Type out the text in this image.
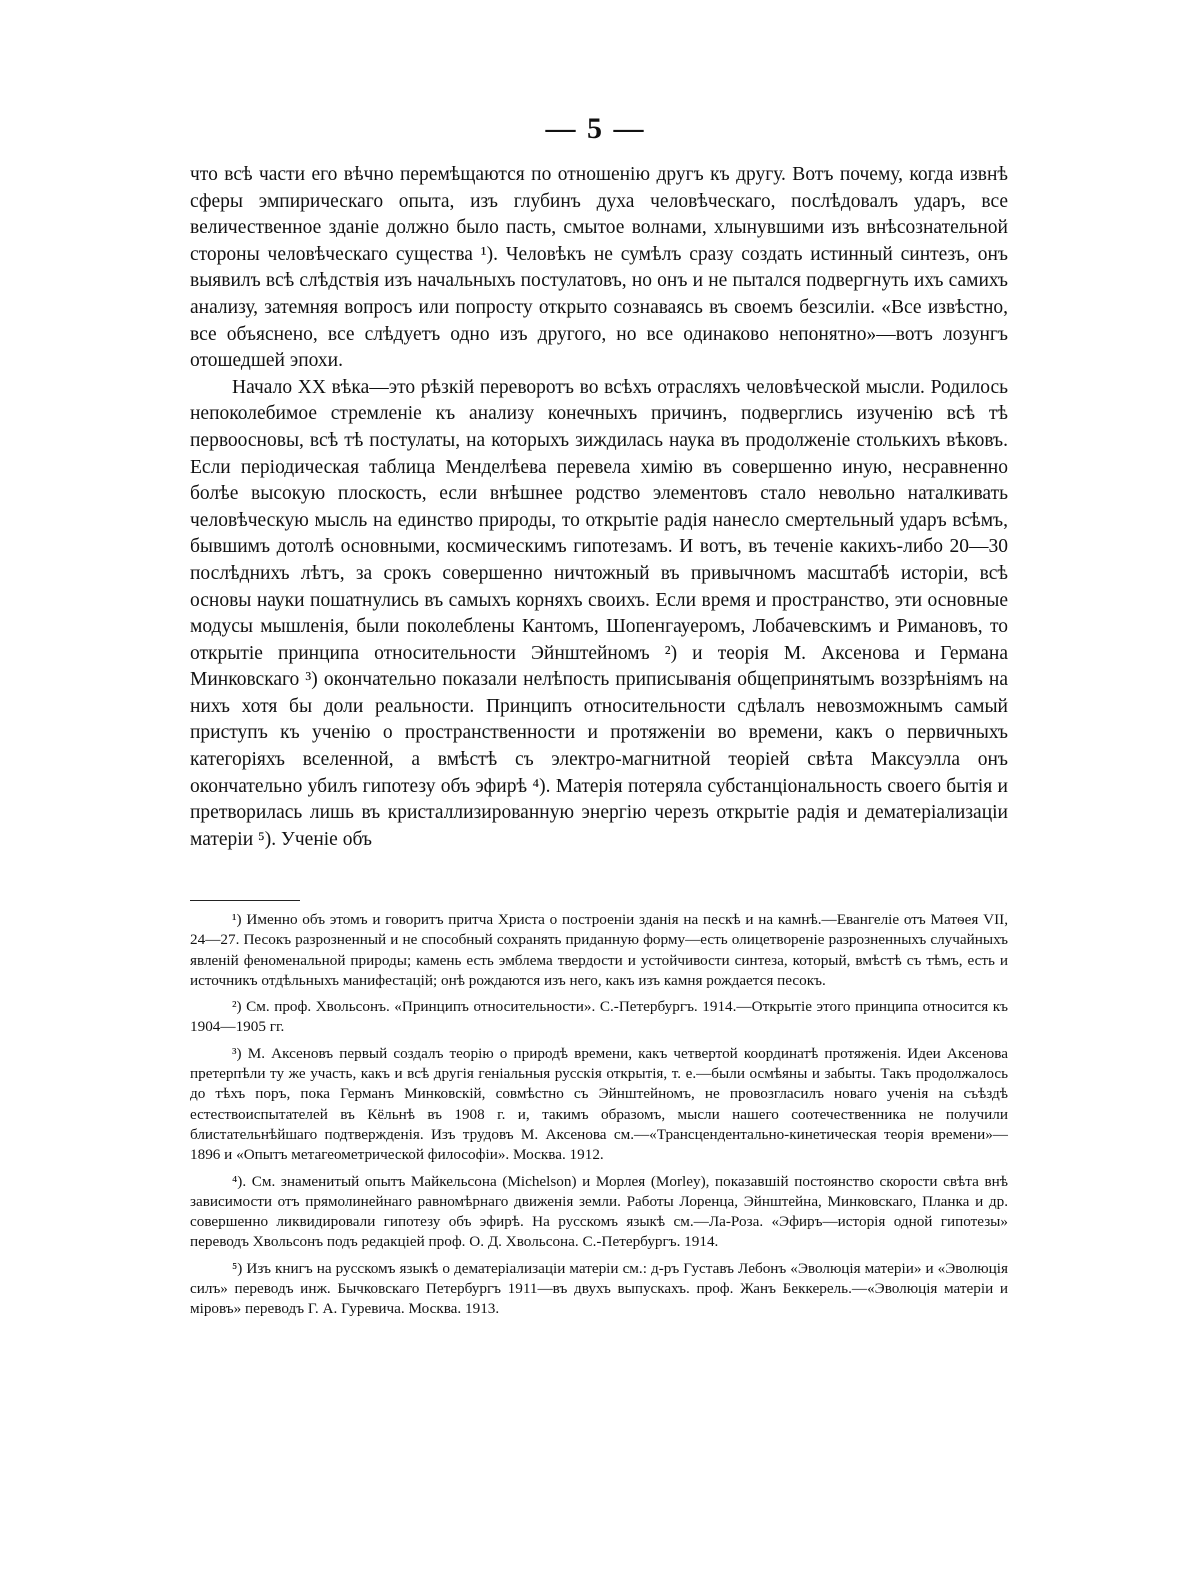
— 5 —

что всѣ части его вѣчно перемѣщаются по отношенію другъ къ другу. Вотъ почему, когда извнѣ сферы эмпирическаго опыта, изъ глубинъ духа человѣческаго, послѣдовалъ ударъ, все величественное зданіе должно было пасть, смытое волнами, хлынувшими изъ внѣсознательной стороны человѣческаго существа ¹). Человѣкъ не сумѣлъ сразу создать истинный синтезъ, онъ выявилъ всѣ слѣдствія изъ начальныхъ постулатовъ, но онъ и не пытался подвергнуть ихъ самихъ анализу, затемняя вопросъ или попросту открыто сознаваясь въ своемъ безсиліи. «Все извѣстно, все объяснено, все слѣдуетъ одно изъ другого, но все одинаково непонятно»—вотъ лозунгъ отошедшей эпохи.

Начало XX вѣка—это рѣзкій переворотъ во всѣхъ отрасляхъ человѣческой мысли. Родилось непоколебимое стремленіе къ анализу конечныхъ причинъ, подверглись изученію всѣ тѣ первоосновы, всѣ тѣ постулаты, на которыхъ зиждилась наука въ продолженіе столькихъ вѣковъ. Если періодическая таблица Менделѣева перевела химію въ совершенно иную, несравненно болѣе высокую плоскость, если внѣшнее родство элементовъ стало невольно наталкивать человѣческую мысль на единство природы, то открытіе радія нанесло смертельный ударъ всѣмъ, бывшимъ дотолѣ основными, космическимъ гипотезамъ. И вотъ, въ теченіе какихъ-либо 20—30 послѣднихъ лѣтъ, за срокъ совершенно ничтожный въ привычномъ масштабѣ исторіи, всѣ основы науки пошатнулись въ самыхъ корняхъ своихъ. Если время и пространство, эти основные модусы мышленія, были поколеблены Кантомъ, Шопенгауеромъ, Лобачевскимъ и Римановъ, то открытіе принципа относительности Эйнштейномъ ²) и теорія М. Аксенова и Германа Минковскаго ³) окончательно показали нелѣпость приписыванія общепринятымъ воззрѣніямъ на нихъ хотя бы доли реальности. Принципъ относительности сдѣлалъ невозможнымъ самый приступъ къ ученію о пространственности и протяженіи во времени, какъ о первичныхъ категоріяхъ вселенной, а вмѣстѣ съ электро-магнитной теоріей свѣта Максуэлла онъ окончательно убилъ гипотезу объ эфирѣ ⁴). Матерія потеряла субстанціональность своего бытія и претворилась лишь въ кристаллизированную энергію черезъ открытіе радія и дематеріализаціи матеріи ⁵). Ученіе объ

¹) Именно объ этомъ и говоритъ притча Христа о построеніи зданія на пескѣ и на камнѣ.—Евангеліе отъ Матѳея VII, 24—27. Песокъ разрозненный и не способный сохранять приданную форму—есть олицетвореніе разрозненныхъ случайныхъ явленій феноменальной природы; камень есть эмблема твердости и устойчивости синтеза, который, вмѣстѣ съ тѣмъ, есть и источникъ отдѣльныхъ манифестацій; онѣ рождаются изъ него, какъ изъ камня рождается песокъ.

²) См. проф. Хвольсонъ. «Принципъ относительности». С.-Петербургъ. 1914.—Открытіе этого принципа относится къ 1904—1905 гг.

³) М. Аксеновъ первый создалъ теорію о природѣ времени, какъ четвертой координатѣ протяженія. Идеи Аксенова претерпѣли ту же участь, какъ и всѣ другія геніальныя русскія открытія, т. е.—были осмѣяны и забыты. Такъ продолжалось до тѣхъ поръ, пока Германъ Минковскій, совмѣстно съ Эйнштейномъ, не провозгласилъ новаго ученія на съѣздѣ естествоиспытателей въ Кёльнѣ въ 1908 г. и, такимъ образомъ, мысли нашего соотечественника не получили блистательнѣйшаго подтвержденія. Изъ трудовъ М. Аксенова см.—«Трансцендентально-кинетическая теорія времени»—1896 и «Опытъ метагеометрической философіи». Москва. 1912.

⁴). См. знаменитый опытъ Майкельсона (Michelson) и Морлея (Morley), показавшій постоянство скорости свѣта внѣ зависимости отъ прямолинейнаго равномѣрнаго движенія земли. Работы Лоренца, Эйнштейна, Минковскаго, Планка и др. совершенно ликвидировали гипотезу объ эфирѣ. На русскомъ языкѣ см.—Ла-Роза. «Эфиръ—исторія одной гипотезы» переводъ Хвольсонъ подъ редакціей проф. О. Д. Хвольсона. С.-Петербургъ. 1914.

⁵) Изъ книгъ на русскомъ языкѣ о дематеріализаціи матеріи см.: д-ръ Густавъ Лебонъ «Эволюція матеріи» и «Эволюція силъ» переводъ инж. Бычковскаго Петербургъ 1911—въ двухъ выпускахъ. проф. Жанъ Беккерель.—«Эволюція матеріи и міровъ» переводъ Г. А. Гуревича. Москва. 1913.
